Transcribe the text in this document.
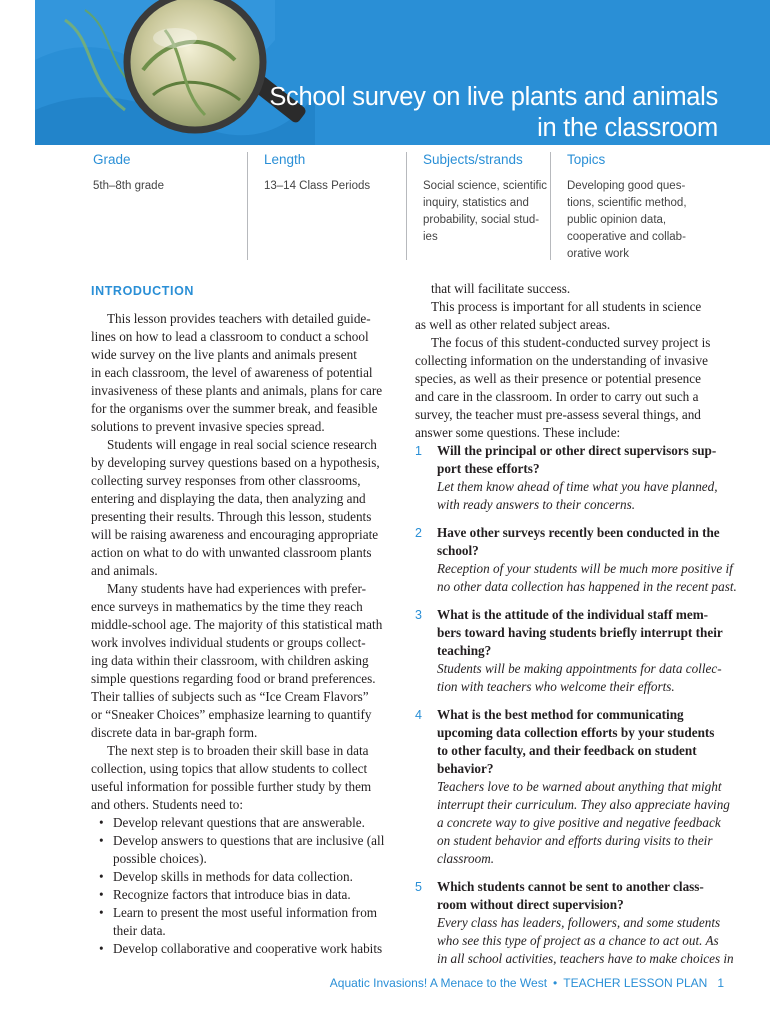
School survey on live plants and animals
in the classroom
Grade
5th–8th grade
Length
13–14 Class Periods
Subjects/strands
Social science, scientific
inquiry, statistics and
probability, social stud-
ies
Topics
Developing good ques-
tions, scientific method,
public opinion data,
cooperative and collab-
orative work
INTRODUCTION
This lesson provides teachers with detailed guide-
lines on how to lead a classroom to conduct a school
wide survey on the live plants and animals present
in each classroom, the level of awareness of potential
invasiveness of these plants and animals, plans for care
for the organisms over the summer break, and feasible
solutions to prevent invasive species spread.
Students will engage in real social science research
by developing survey questions based on a hypothesis,
collecting survey responses from other classrooms,
entering and displaying the data, then analyzing and
presenting their results. Through this lesson, students
will be raising awareness and encouraging appropriate
action on what to do with unwanted classroom plants
and animals.
Many students have had experiences with prefer-
ence surveys in mathematics by the time they reach
middle-school age. The majority of this statistical math
work involves individual students or groups collect-
ing data within their classroom, with children asking
simple questions regarding food or brand preferences.
Their tallies of subjects such as “Ice Cream Flavors”
or “Sneaker Choices” emphasize learning to quantify
discrete data in bar-graph form.
The next step is to broaden their skill base in data
collection, using topics that allow students to collect
useful information for possible further study by them
and others. Students need to:
• Develop relevant questions that are answerable.
• Develop answers to questions that are inclusive (all
possible choices).
• Develop skills in methods for data collection.
• Recognize factors that introduce bias in data.
• Learn to present the most useful information from
their data.
• Develop collaborative and cooperative work habits
that will facilitate success.
This process is important for all students in science
as well as other related subject areas.
The focus of this student-conducted survey project is
collecting information on the understanding of invasive
species, as well as their presence or potential presence
and care in the classroom. In order to carry out such a
survey, the teacher must pre-assess several things, and
answer some questions. These include:
1 Will the principal or other direct supervisors sup-
port these efforts?
Let them know ahead of time what you have planned,
with ready answers to their concerns.
2 Have other surveys recently been conducted in the
school?
Reception of your students will be much more positive if
no other data collection has happened in the recent past.
3 What is the attitude of the individual staff mem-
bers toward having students briefly interrupt their
teaching?
Students will be making appointments for data collec-
tion with teachers who welcome their efforts.
4 What is the best method for communicating
upcoming data collection efforts by your students
to other faculty, and their feedback on student
behavior?
Teachers love to be warned about anything that might
interrupt their curriculum. They also appreciate having
a concrete way to give positive and negative feedback
on student behavior and efforts during visits to their
classroom.
5 Which students cannot be sent to another class-
room without direct supervision?
Every class has leaders, followers, and some students
who see this type of project as a chance to act out. As
in all school activities, teachers have to make choices in
Aquatic Invasions! A Menace to the West • TEACHER LESSON PLAN 1
